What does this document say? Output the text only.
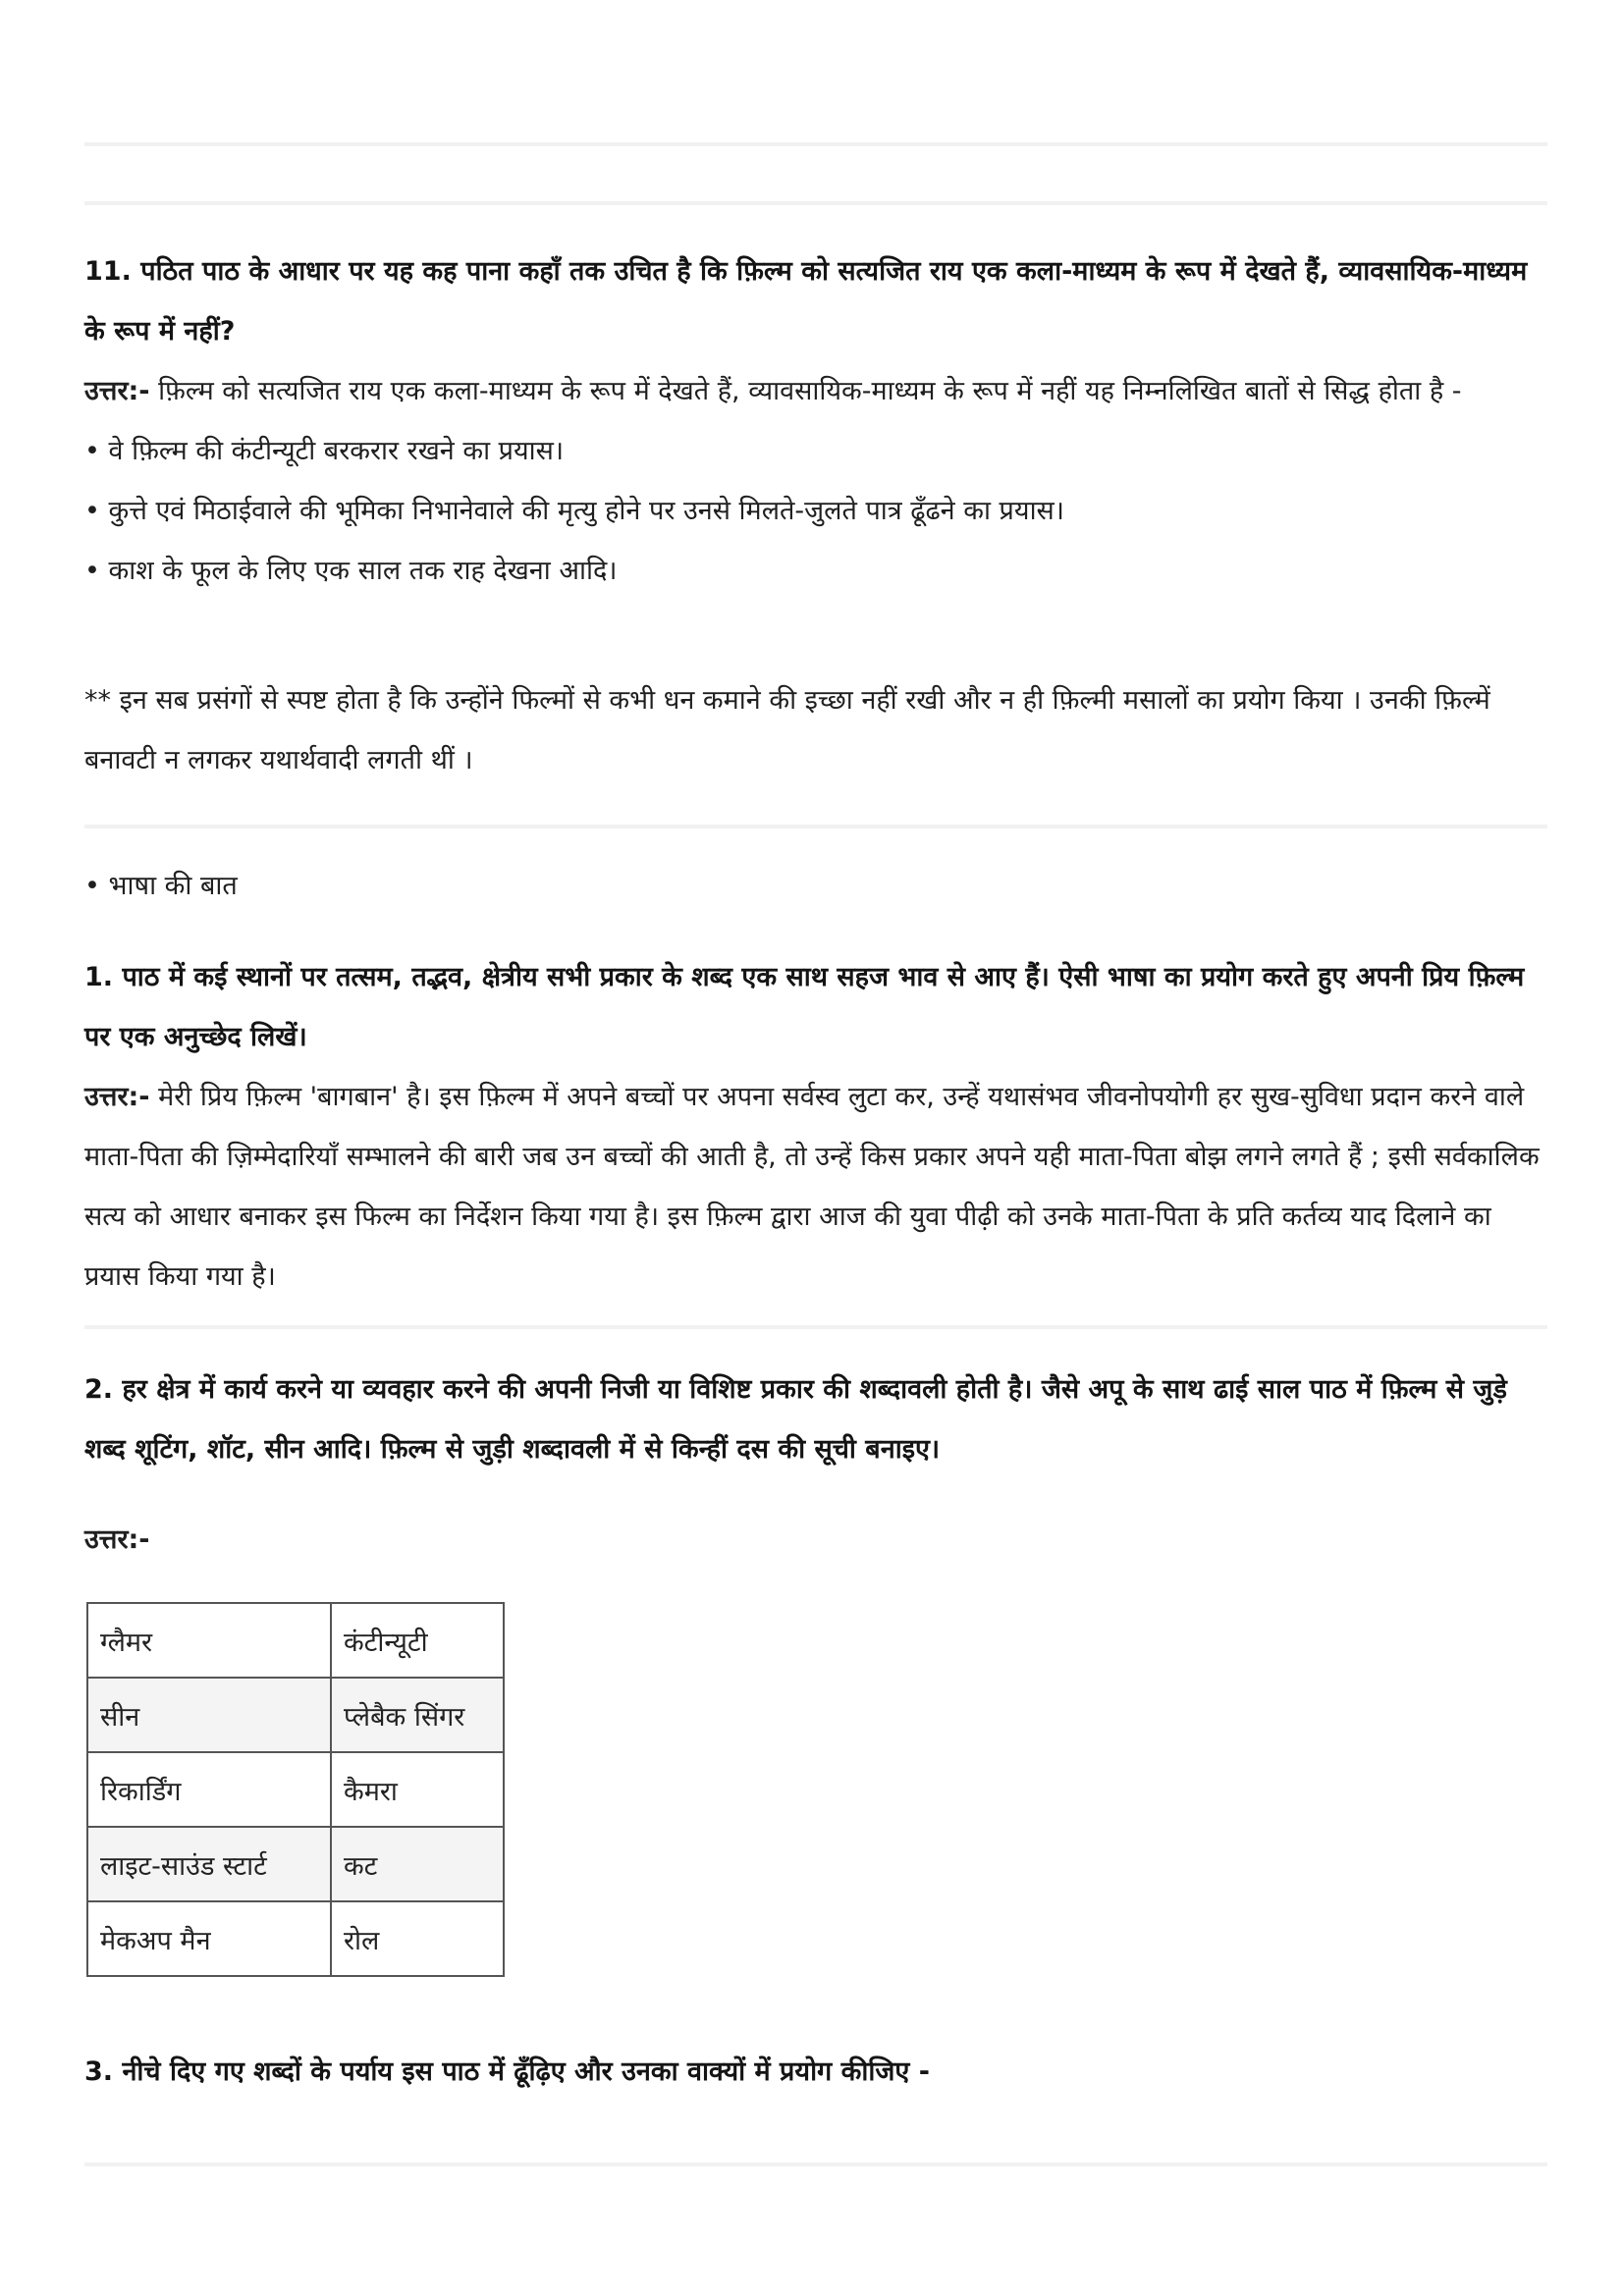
11. पठित पाठ के आधार पर यह कह पाना कहाँ तक उचित है कि फ़िल्म को सत्यजित राय एक कला-माध्यम के रूप में देखते हैं, व्यावसायिक-माध्यम के रूप में नहीं?
उत्तर:- फ़िल्म को सत्यजित राय एक कला-माध्यम के रूप में देखते हैं, व्यावसायिक-माध्यम के रूप में नहीं यह निम्नलिखित बातों से सिद्ध होता है -
• वे फ़िल्म की कंटीन्यूटी बरकरार रखने का प्रयास।
• कुत्ते एवं मिठाईवाले की भूमिका निभानेवाले की मृत्यु होने पर उनसे मिलते-जुलते पात्र ढूँढने का प्रयास।
• काश के फूल के लिए एक साल तक राह देखना आदि।
** इन सब प्रसंगों से स्पष्ट होता है कि उन्होंने फिल्मों से कभी धन कमाने की इच्छा नहीं रखी और न ही फ़िल्मी मसालों का प्रयोग किया । उनकी फ़िल्में बनावटी न लगकर यथार्थवादी लगती थीं ।
• भाषा की बात
1. पाठ में कई स्थानों पर तत्सम, तद्भव, क्षेत्रीय सभी प्रकार के शब्द एक साथ सहज भाव से आए हैं। ऐसी भाषा का प्रयोग करते हुए अपनी प्रिय फ़िल्म पर एक अनुच्छेद लिखें।
उत्तर:- मेरी प्रिय फ़िल्म 'बागबान' है। इस फ़िल्म में अपने बच्चों पर अपना सर्वस्व लुटा कर, उन्हें यथासंभव जीवनोपयोगी हर सुख-सुविधा प्रदान करने वाले माता-पिता की ज़िम्मेदारियाँ सम्भालने की बारी जब उन बच्चों की आती है, तो उन्हें किस प्रकार अपने यही माता-पिता बोझ लगने लगते हैं ; इसी सर्वकालिक सत्य को आधार बनाकर इस फिल्म का निर्देशन किया गया है। इस फ़िल्म द्वारा आज की युवा पीढ़ी को उनके माता-पिता के प्रति कर्तव्य याद दिलाने का प्रयास किया गया है।
2. हर क्षेत्र में कार्य करने या व्यवहार करने की अपनी निजी या विशिष्ट प्रकार की शब्दावली होती है। जैसे अपू के साथ ढाई साल पाठ में फ़िल्म से जुड़े शब्द शूटिंग, शॉट, सीन आदि। फ़िल्म से जुड़ी शब्दावली में से किन्हीं दस की सूची बनाइए।
उत्तर:-
ग्लैमर	कंटीन्यूटी
सीन	प्लेबैक सिंगर
रिकार्डिंग	कैमरा
लाइट-साउंड स्टार्ट	कट
मेकअप मैन	रोल
3. नीचे दिए गए शब्दों के पर्याय इस पाठ में ढूँढ़िए और उनका वाक्यों में प्रयोग कीजिए -
